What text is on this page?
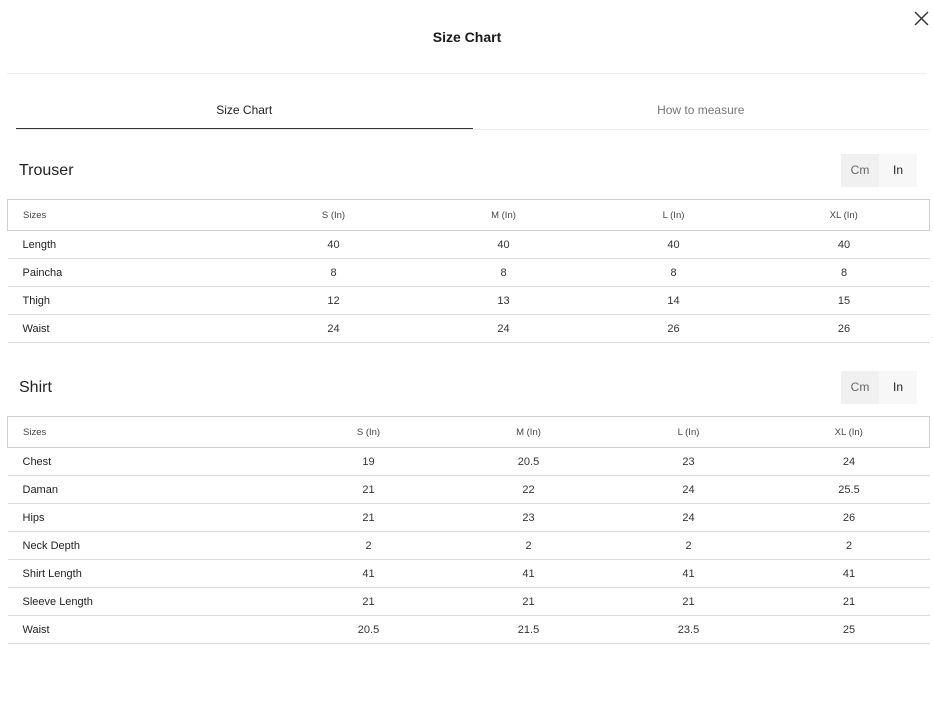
Size Chart
Size Chart	How to measure
Trouser	Cm	In
Sizes	S (In)	M (In)	L (In)	XL (In)
Length	40	40	40	40
Paincha	8	8	8	8
Thigh	12	13	14	15
Waist	24	24	26	26
Shirt	Cm	In
Sizes	S (In)	M (In)	L (In)	XL (In)
Chest	19	20.5	23	24
Daman	21	22	24	25.5
Hips	21	23	24	26
Neck Depth	2	2	2	2
Shirt Length	41	41	41	41
Sleeve Length	21	21	21	21
Waist	20.5	21.5	23.5	25
